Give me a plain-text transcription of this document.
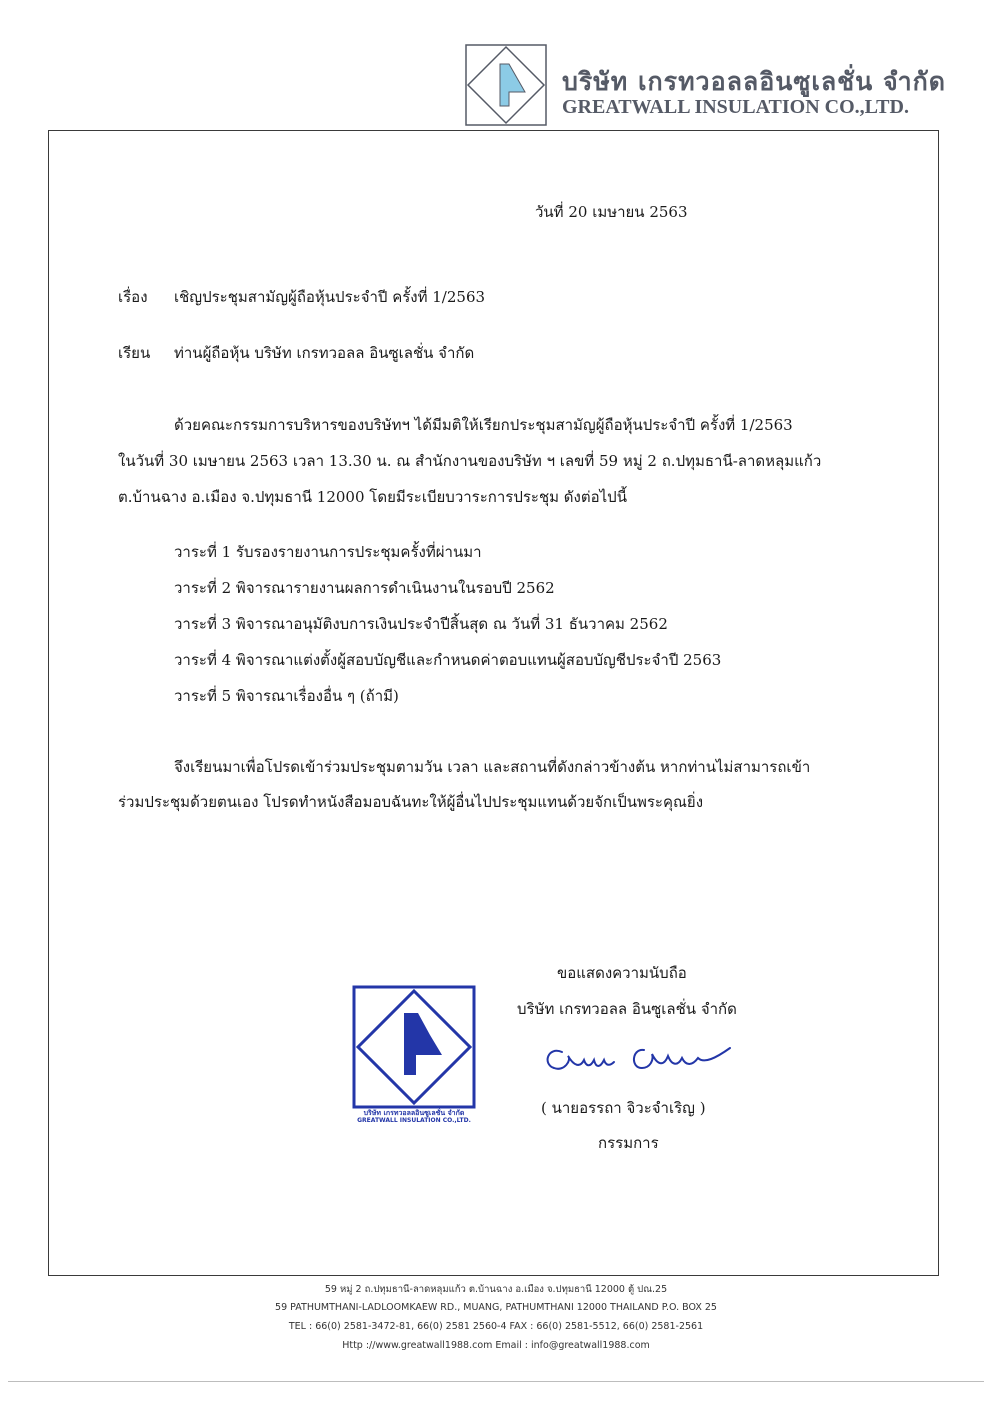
บริษัท เกรทวอลลอินซูเลชั่น จำกัด
GREATWALL INSULATION CO.,LTD.
วันที่ 20 เมษายน 2563
เรื่อง เชิญประชุมสามัญผู้ถือหุ้นประจำปี ครั้งที่ 1/2563
เรียน ท่านผู้ถือหุ้น บริษัท เกรทวอลล อินซูเลชั่น จำกัด
ด้วยคณะกรรมการบริหารของบริษัทฯ ได้มีมติให้เรียกประชุมสามัญผู้ถือหุ้นประจำปี ครั้งที่ 1/2563
ในวันที่ 30 เมษายน 2563 เวลา 13.30 น. ณ สำนักงานของบริษัท ฯ เลขที่ 59 หมู่ 2 ถ.ปทุมธานี-ลาดหลุมแก้ว
ต.บ้านฉาง อ.เมือง จ.ปทุมธานี 12000 โดยมีระเบียบวาระการประชุม ดังต่อไปนี้
วาระที่ 1 รับรองรายงานการประชุมครั้งที่ผ่านมา
วาระที่ 2 พิจารณารายงานผลการดำเนินงานในรอบปี 2562
วาระที่ 3 พิจารณาอนุมัติงบการเงินประจำปีสิ้นสุด ณ วันที่ 31 ธันวาคม 2562
วาระที่ 4 พิจารณาแต่งตั้งผู้สอบบัญชีและกำหนดค่าตอบแทนผู้สอบบัญชีประจำปี 2563
วาระที่ 5 พิจารณาเรื่องอื่น ๆ (ถ้ามี)
จึงเรียนมาเพื่อโปรดเข้าร่วมประชุมตามวัน เวลา และสถานที่ดังกล่าวข้างต้น หากท่านไม่สามารถเข้า
ร่วมประชุมด้วยตนเอง โปรดทำหนังสือมอบฉันทะให้ผู้อื่นไปประชุมแทนด้วยจักเป็นพระคุณยิ่ง
บริษัท เกรทวอลลอินซูเลชั่น จำกัด
GREATWALL INSULATION CO.,LTD.
ขอแสดงความนับถือ
บริษัท เกรทวอลล อินซูเลชั่น จำกัด
( นายอรรถา จิวะจำเริญ )
กรรมการ
59 หมู่ 2 ถ.ปทุมธานี-ลาดหลุมแก้ว ต.บ้านฉาง อ.เมือง จ.ปทุมธานี 12000 ตู้ ปณ.25
59 PATHUMTHANI-LADLOOMKAEW RD., MUANG, PATHUMTHANI 12000 THAILAND P.O. BOX 25
TEL : 66(0) 2581-3472-81, 66(0) 2581 2560-4 FAX : 66(0) 2581-5512, 66(0) 2581-2561
Http ://www.greatwall1988.com Email : info@greatwall1988.com
